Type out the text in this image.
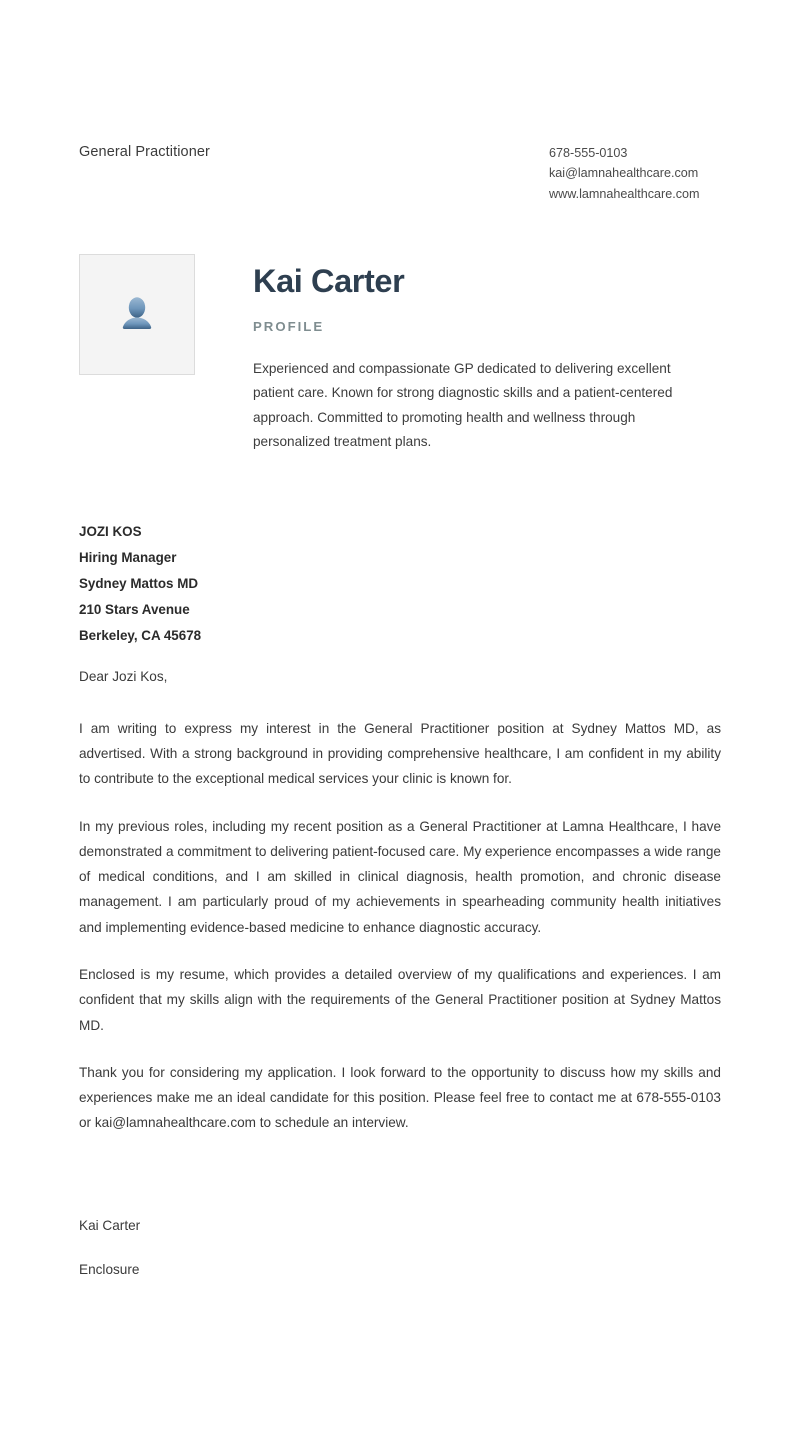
General Practitioner	678-555-0103
kai@lamnahealthcare.com
www.lamnahealthcare.com
Kai Carter
PROFILE
Experienced and compassionate GP dedicated to delivering excellent patient care. Known for strong diagnostic skills and a patient-centered approach. Committed to promoting health and wellness through personalized treatment plans.
JOZI KOS
Hiring Manager
Sydney Mattos MD
210 Stars Avenue
Berkeley, CA 45678
Dear Jozi Kos,

I am writing to express my interest in the General Practitioner position at Sydney Mattos MD, as advertised. With a strong background in providing comprehensive healthcare, I am confident in my ability to contribute to the exceptional medical services your clinic is known for.

In my previous roles, including my recent position as a General Practitioner at Lamna Healthcare, I have demonstrated a commitment to delivering patient-focused care. My experience encompasses a wide range of medical conditions, and I am skilled in clinical diagnosis, health promotion, and chronic disease management. I am particularly proud of my achievements in spearheading community health initiatives and implementing evidence-based medicine to enhance diagnostic accuracy.

Enclosed is my resume, which provides a detailed overview of my qualifications and experiences. I am confident that my skills align with the requirements of the General Practitioner position at Sydney Mattos MD.

Thank you for considering my application. I look forward to the opportunity to discuss how my skills and experiences make me an ideal candidate for this position. Please feel free to contact me at 678-555-0103 or kai@lamnahealthcare.com to schedule an interview.

Kai Carter
Enclosure
